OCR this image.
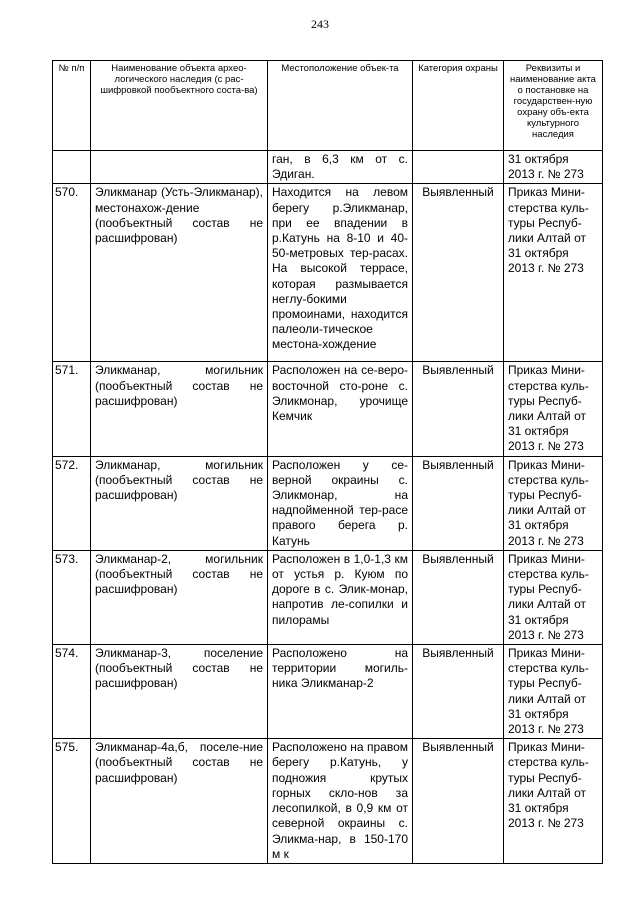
243
№ п/п	Наименование объекта архео-логического наследия (с рас-шифровкой пообъектного соста-ва)	Местоположение объек-та	Категория охраны	Реквизиты и наименование акта о постановке на государствен-ную охрану объ-екта культурного наследия
		ган, в 6,3 км от с. Эдиган.		31 октября 2013 г. № 273
570.	Эликманар (Усть-Эликманар), местонахож-дение (пообъектный состав не расшифрован)	Находится на левом берегу р.Эликманар, при ее впадении в р.Катунь на 8-10 и 40-50-метровых тер-расах. На высокой террасе, которая размывается неглу-бокими промоинами, находится палеоли-тическое местона-хождение	Выявленный	Приказ Мини-стерства куль-туры Респуб-лики Алтай от 31 октября 2013 г. № 273
571.	Эликманар, могильник (пообъектный состав не расшифрован)	Расположен на се-веро-восточной сто-роне с. Эликмонар, урочище Кемчик	Выявленный	Приказ Мини-стерства куль-туры Респуб-лики Алтай от 31 октября 2013 г. № 273
572.	Эликманар, могильник (пообъектный состав не расшифрован)	Расположен у се-верной окраины с. Эликмонар, на надпойменной тер-расе правого берега р. Катунь	Выявленный	Приказ Мини-стерства куль-туры Респуб-лики Алтай от 31 октября 2013 г. № 273
573.	Эликманар-2, могильник (пообъектный состав не расшифрован)	Расположен в 1,0-1,3 км от устья р. Куюм по дороге в с. Элик-монар, напротив ле-сопилки и пилорамы	Выявленный	Приказ Мини-стерства куль-туры Респуб-лики Алтай от 31 октября 2013 г. № 273
574.	Эликманар-3, поселение (пообъектный состав не расшифрован)	Расположено на территории могиль-ника Эликманар-2	Выявленный	Приказ Мини-стерства куль-туры Респуб-лики Алтай от 31 октября 2013 г. № 273
575.	Эликманар-4а,б, поселе-ние (пообъектный состав не расшифрован)	Расположено на правом берегу р.Катунь, у подножия крутых горных скло-нов за лесопилкой, в 0,9 км от северной окраины с. Эликма-нар, в 150-170 м к	Выявленный	Приказ Мини-стерства куль-туры Респуб-лики Алтай от 31 октября 2013 г. № 273
